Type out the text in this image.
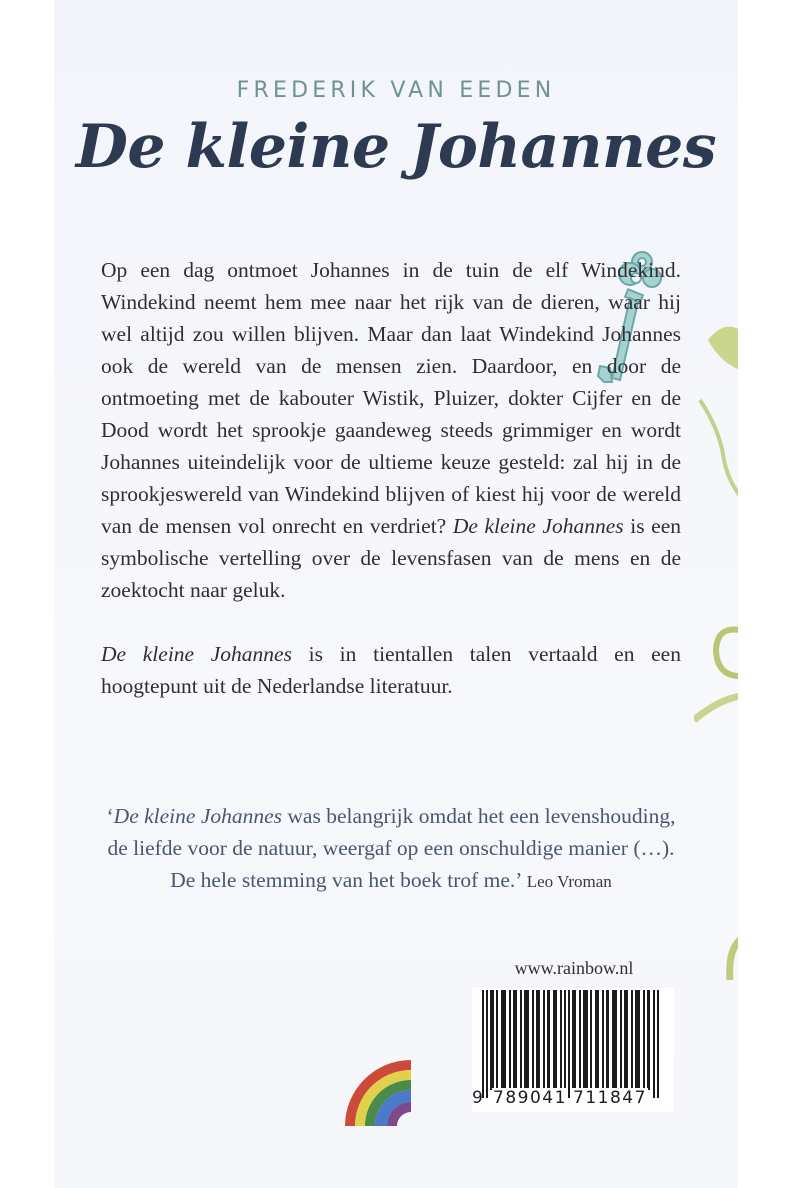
FREDERIK VAN EEDEN
De kleine Johannes

Op een dag ontmoet Johannes in de tuin de elf Windekind. Windekind neemt hem mee naar het rijk van de dieren, waar hij wel altijd zou willen blijven. Maar dan laat Windekind Johannes ook de wereld van de mensen zien. Daardoor, en door de ontmoeting met de kabouter Wistik, Pluizer, dokter Cijfer en de Dood wordt het sprookje gaandeweg steeds grimmiger en wordt Johannes uiteindelijk voor de ultieme keuze gesteld: zal hij in de sprookjeswereld van Windekind blijven of kiest hij voor de wereld van de mensen vol onrecht en verdriet? De kleine Johannes is een symbolische vertelling over de levensfasen van de mens en de zoektocht naar geluk.

De kleine Johannes is in tientallen talen vertaald en een hoogtepunt uit de Nederlandse literatuur.

‘De kleine Johannes was belangrijk omdat het een levenshouding, de liefde voor de natuur, weergaf op een onschuldige manier (…). De hele stemming van het boek trof me.’ Leo Vroman
www.rainbow.nl
9 789041 711847
